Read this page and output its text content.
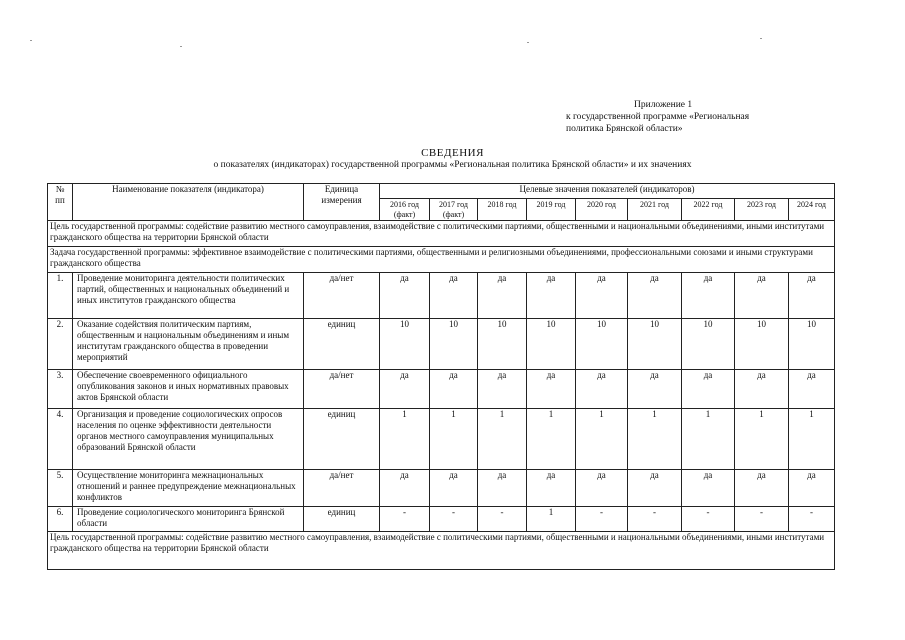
Приложение 1
к государственной программе «Региональная
политика Брянской области»
СВЕДЕНИЯ
о показателях (индикаторах) государственной программы «Региональная политика Брянской области» и их значениях
№ пп	Наименование показателя (индикатора)	Единица измерения	Целевые значения показателей (индикаторов)								
			2016 год (факт)	2017 год (факт)	2018 год	2019 год	2020 год	2021 год	2022 год	2023 год	2024 год
Цель государственной программы: содействие развитию местного самоуправления, взаимодействие с политическими партиями, общественными и национальными объединениями, иными институтами гражданского общества на территории Брянской области											
Задача государственной программы: эффективное взаимодействие с политическими партиями, общественными и религиозными объединениями, профессиональными союзами и иными структурами гражданского общества											
1.	Проведение мониторинга деятельности политических партий, общественных и национальных объединений и иных институтов гражданского общества	да/нет	да	да	да	да	да	да	да	да	да
2.	Оказание содействия политическим партиям, общественным и национальным объединениям и иным институтам гражданского общества в проведении мероприятий	единиц	10	10	10	10	10	10	10	10	10
3.	Обеспечение своевременного официального опубликования законов и иных нормативных правовых актов Брянской области	да/нет	да	да	да	да	да	да	да	да	да
4.	Организация и проведение социологических опросов населения по оценке эффективности деятельности органов местного самоуправления муниципальных образований Брянской области	единиц	1	1	1	1	1	1	1	1	1
5.	Осуществление мониторинга межнациональных отношений и раннее предупреждение межнациональных конфликтов	да/нет	да	да	да	да	да	да	да	да	да
6.	Проведение социологического мониторинга Брянской области	единиц	-	-	-	1	-	-	-	-	-
Цель государственной программы: содействие развитию местного самоуправления, взаимодействие с политическими партиями, общественными и национальными объединениями, иными институтами гражданского общества на территории Брянской области											
